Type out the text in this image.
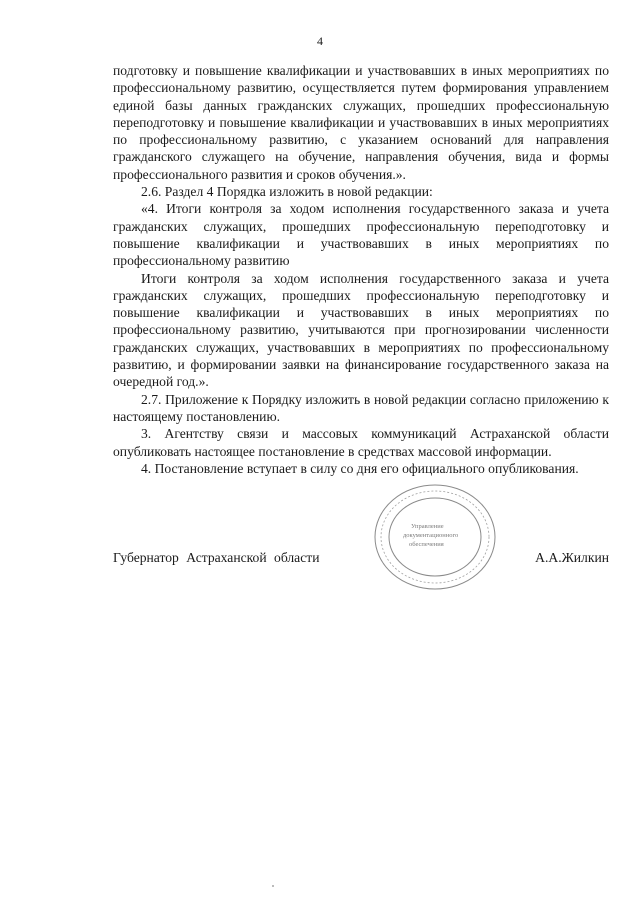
4

подготовку и повышение квалификации и участвовавших в иных мероприятиях по профессиональному развитию, осуществляется путем формирования управлением единой базы данных гражданских служащих, прошедших профессиональную переподготовку и повышение квалификации и участвовавших в иных мероприятиях по профессиональному развитию, с указанием оснований для направления гражданского служащего на обучение, направления обучения, вида и формы профессионального развития и сроков обучения.».

2.6. Раздел 4 Порядка изложить в новой редакции:

«4. Итоги контроля за ходом исполнения государственного заказа и учета гражданских служащих, прошедших профессиональную переподготовку и повышение квалификации и участвовавших в иных мероприятиях по профессиональному развитию

Итоги контроля за ходом исполнения государственного заказа и учета гражданских служащих, прошедших профессиональную переподготовку и повышение квалификации и участвовавших в иных мероприятиях по профессиональному развитию, учитываются при прогнозировании численности гражданских служащих, участвовавших в мероприятиях по профессиональному развитию, и формировании заявки на финансирование государственного заказа на очередной год.».

2.7. Приложение к Порядку изложить в новой редакции согласно приложению к настоящему постановлению.

3. Агентству связи и массовых коммуникаций Астраханской области опубликовать настоящее постановление в средствах массовой информации.

4. Постановление вступает в силу со дня его официального опубликования.

Управление
документационного
обеспечения
Губернатор Астраханской области	А.А.Жилкин
